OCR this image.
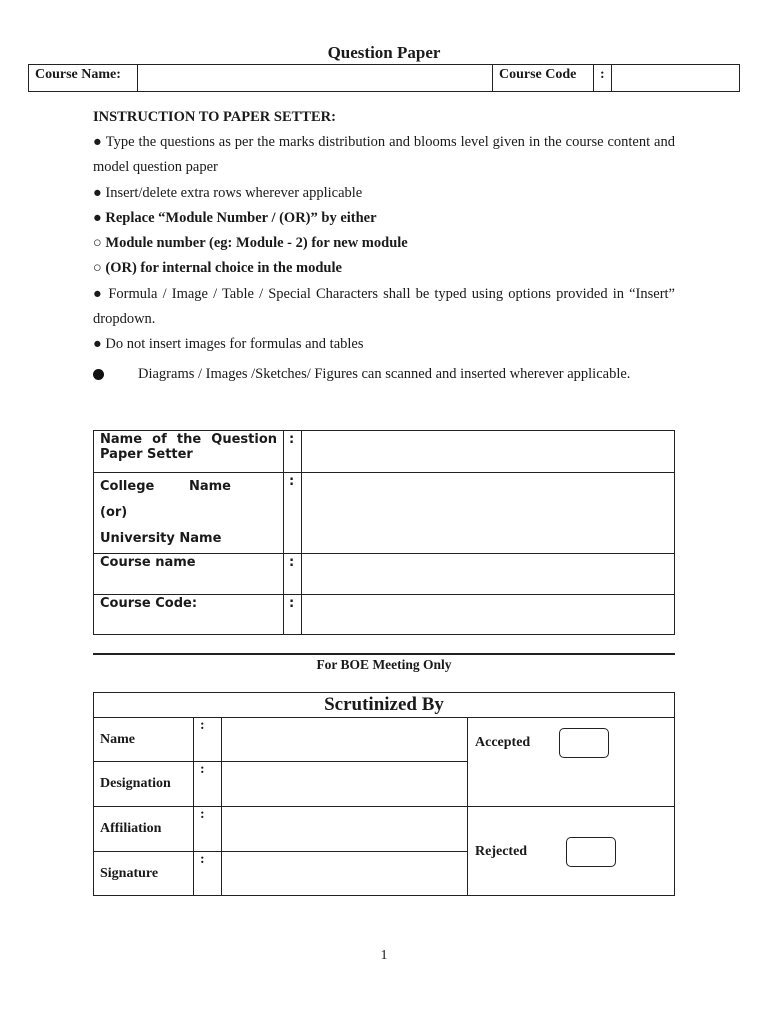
Question Paper
Course Name:		Course Code	:	
INSTRUCTION TO PAPER SETTER:
● Type the questions as per the marks distribution and blooms level given in the course content and model question paper
● Insert/delete extra rows wherever applicable
● Replace “Module Number / (OR)” by either
○ Module number (eg: Module - 2) for new module
○ (OR) for internal choice in the module
● Formula / Image / Table / Special Characters shall be typed using options provided in “Insert” dropdown.
● Do not insert images for formulas and tables
Diagrams / Images /Sketches/ Figures can scanned and inserted wherever applicable.
Name of the Question
Paper Setter	:	

College Name
(or)
University Name	:	
Course name	:	
Course Code:	:	
For BOE Meeting Only
Scrutinized By			
Name	:		Accepted

Designation	:		
Affiliation	:		Rejected

Signature	:		
1
